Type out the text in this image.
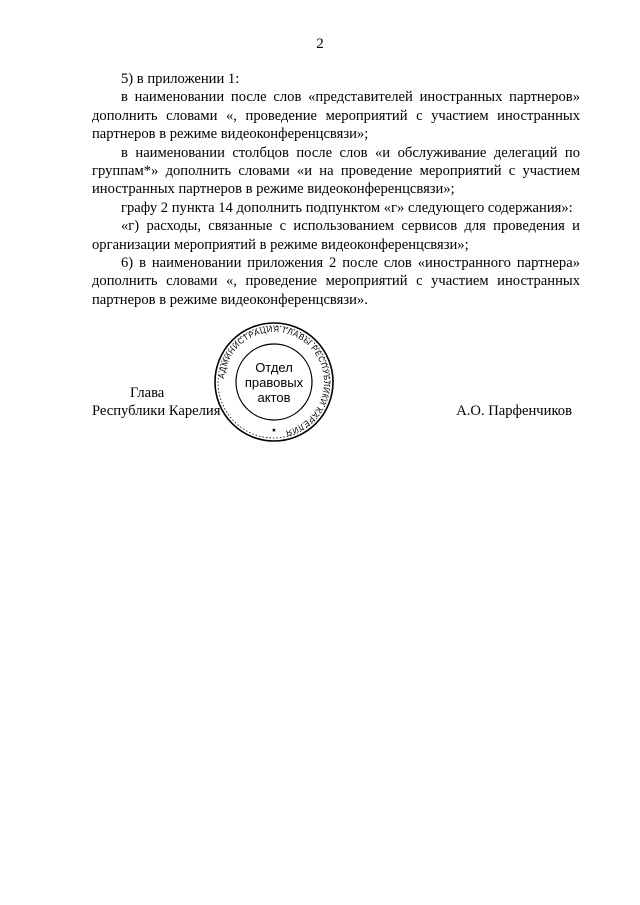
2

5) в приложении 1:

в наименовании после слов «представителей иностранных партнеров» дополнить словами «, проведение мероприятий с участием иностранных партнеров в режиме видеоконференцсвязи»;

в наименовании столбцов после слов «и обслуживание делегаций по группам*» дополнить словами «и на проведение мероприятий с участием иностранных партнеров в режиме видеоконференцсвязи»;

графу 2 пункта 14 дополнить подпунктом «г» следующего содержания»:

«г) расходы, связанные с использованием сервисов для проведения и организации мероприятий в режиме видеоконференцсвязи»;

6) в наименовании приложения 2 после слов «иностранного партнера» дополнить словами «, проведение мероприятий с участием иностранных партнеров в режиме видеоконференцсвязи».

Глава
Республики Карелия	А.О. Парфенчиков
АДМИНИСТРАЦИЯ ГЛАВЫ РЕСПУБЛИКИ КАРЕЛИЯ
★
Отдел
правовых
актов
